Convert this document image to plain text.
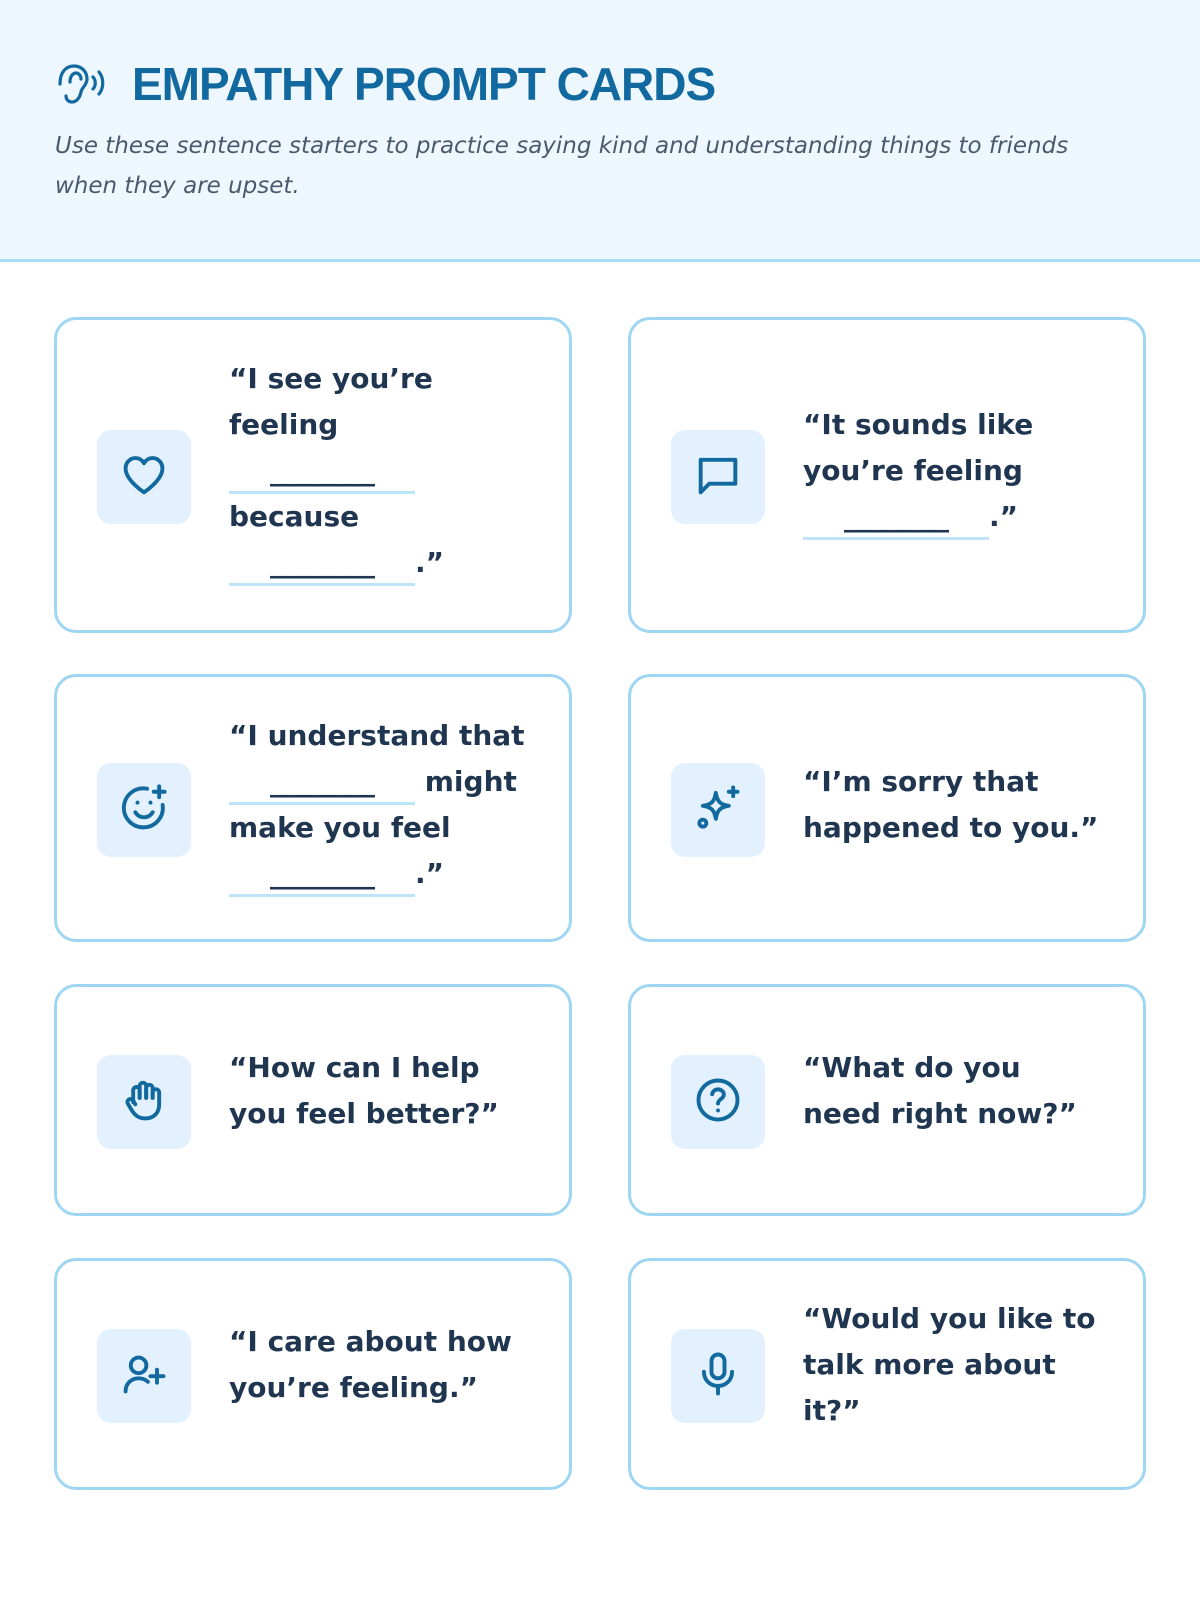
EMPATHY PROMPT CARDS

Use these sentence starters to practice saying kind and understanding things to friends when they are upset.

“I see you’re feeling ________ because ________ .”
“It sounds like you’re feeling ________ .”
“I understand that ________ might make you feel ________ .”
“I’m sorry that happened to you.”
“How can I help you feel better?”
“What do you need right now?”
“I care about how you’re feeling.”
“Would you like to talk more about it?”
